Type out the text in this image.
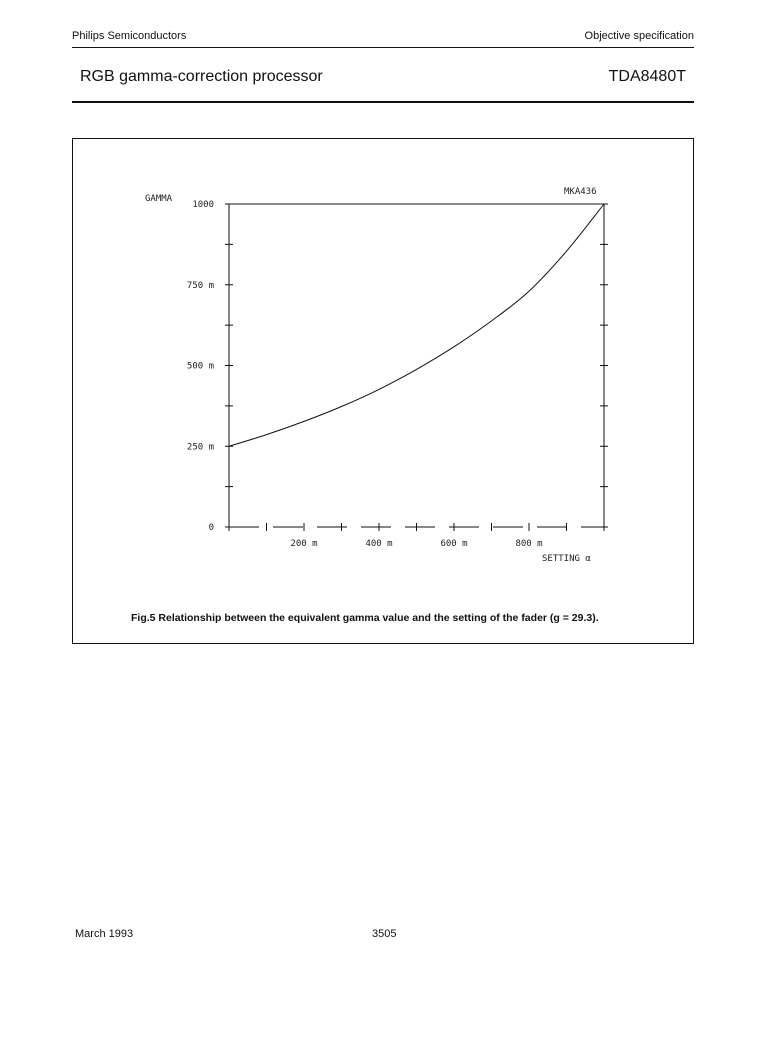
Philips Semiconductors	Objective specification
RGB gamma-correction processor	TDA8480T
0
250 m
500 m
750 m
1000
200 m	400 m	600 m	800 m
GAMMA
SETTING α
MKA436
Fig.5 Relationship between the equivalent gamma value and the setting of the fader (g = 29.3).
March 1993	3505
